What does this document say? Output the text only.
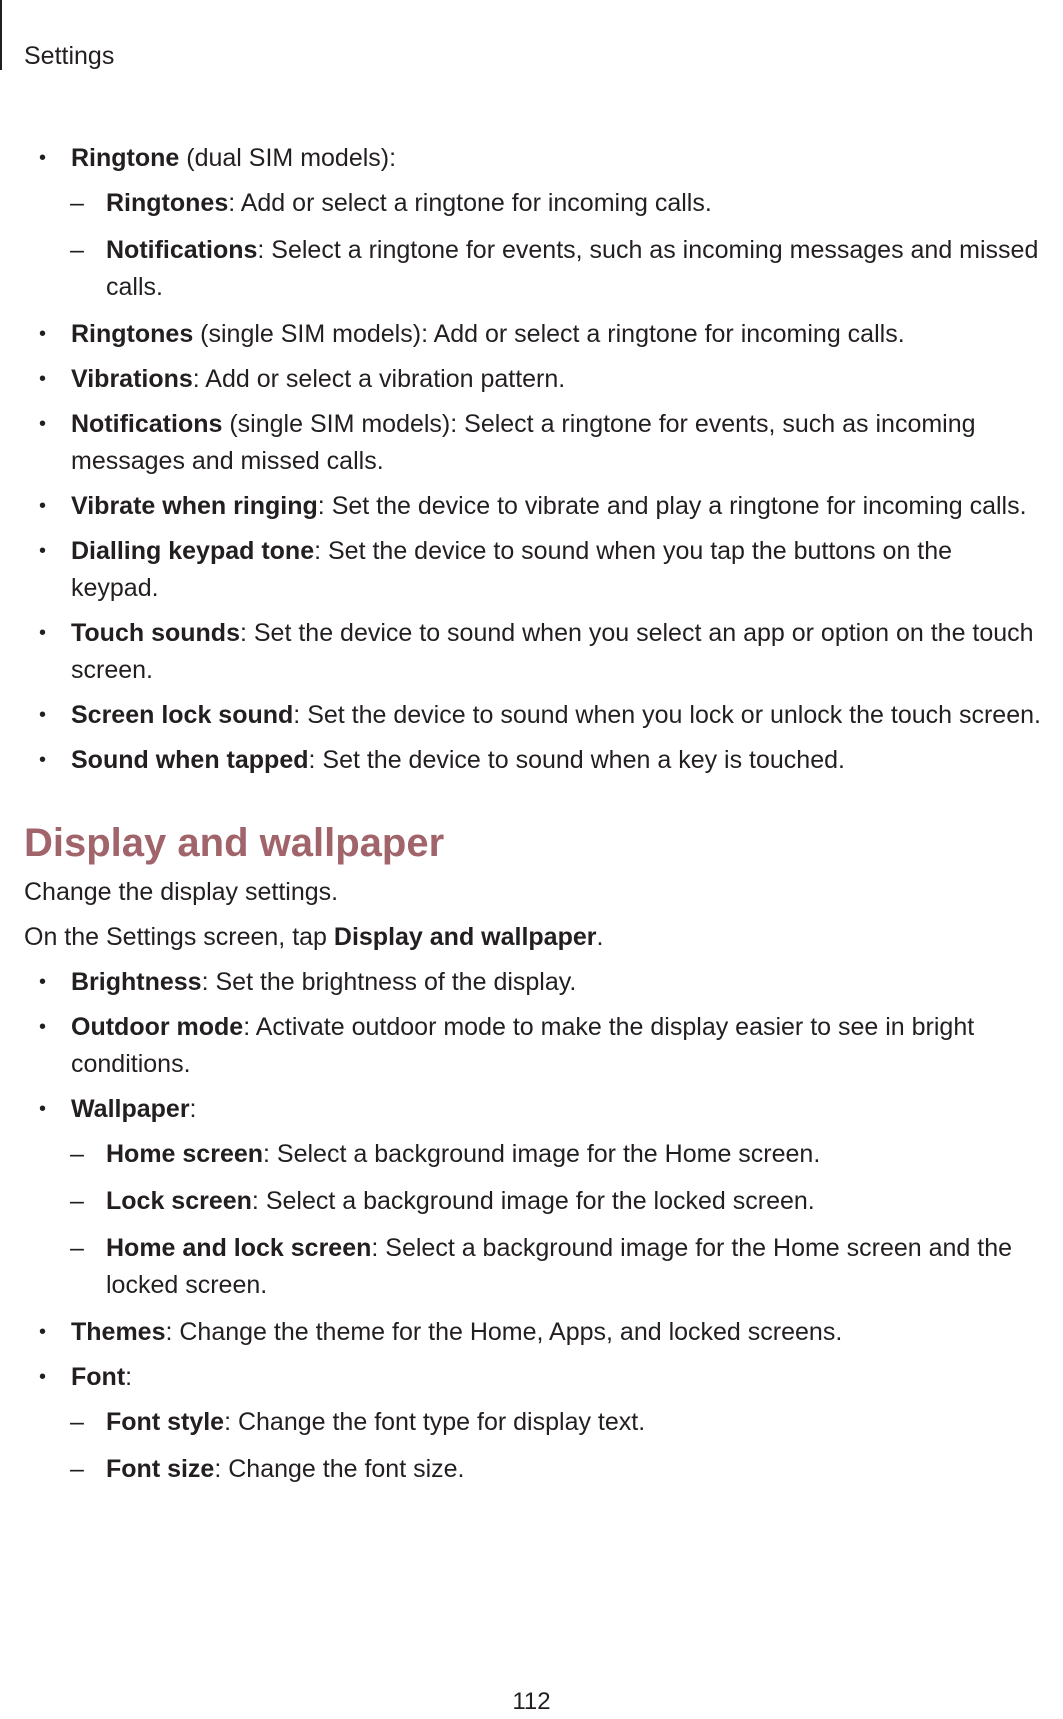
Settings
• Ringtone (dual SIM models):
– Ringtones: Add or select a ringtone for incoming calls.
– Notifications: Select a ringtone for events, such as incoming messages and missed calls.
• Ringtones (single SIM models): Add or select a ringtone for incoming calls.
• Vibrations: Add or select a vibration pattern.
• Notifications (single SIM models): Select a ringtone for events, such as incoming messages and missed calls.
• Vibrate when ringing: Set the device to vibrate and play a ringtone for incoming calls.
• Dialling keypad tone: Set the device to sound when you tap the buttons on the keypad.
• Touch sounds: Set the device to sound when you select an app or option on the touch screen.
• Screen lock sound: Set the device to sound when you lock or unlock the touch screen.
• Sound when tapped: Set the device to sound when a key is touched.
Display and wallpaper
Change the display settings.
On the Settings screen, tap Display and wallpaper.
• Brightness: Set the brightness of the display.
• Outdoor mode: Activate outdoor mode to make the display easier to see in bright conditions.
• Wallpaper:
– Home screen: Select a background image for the Home screen.
– Lock screen: Select a background image for the locked screen.
– Home and lock screen: Select a background image for the Home screen and the locked screen.
• Themes: Change the theme for the Home, Apps, and locked screens.
• Font:
– Font style: Change the font type for display text.
– Font size: Change the font size.
112
